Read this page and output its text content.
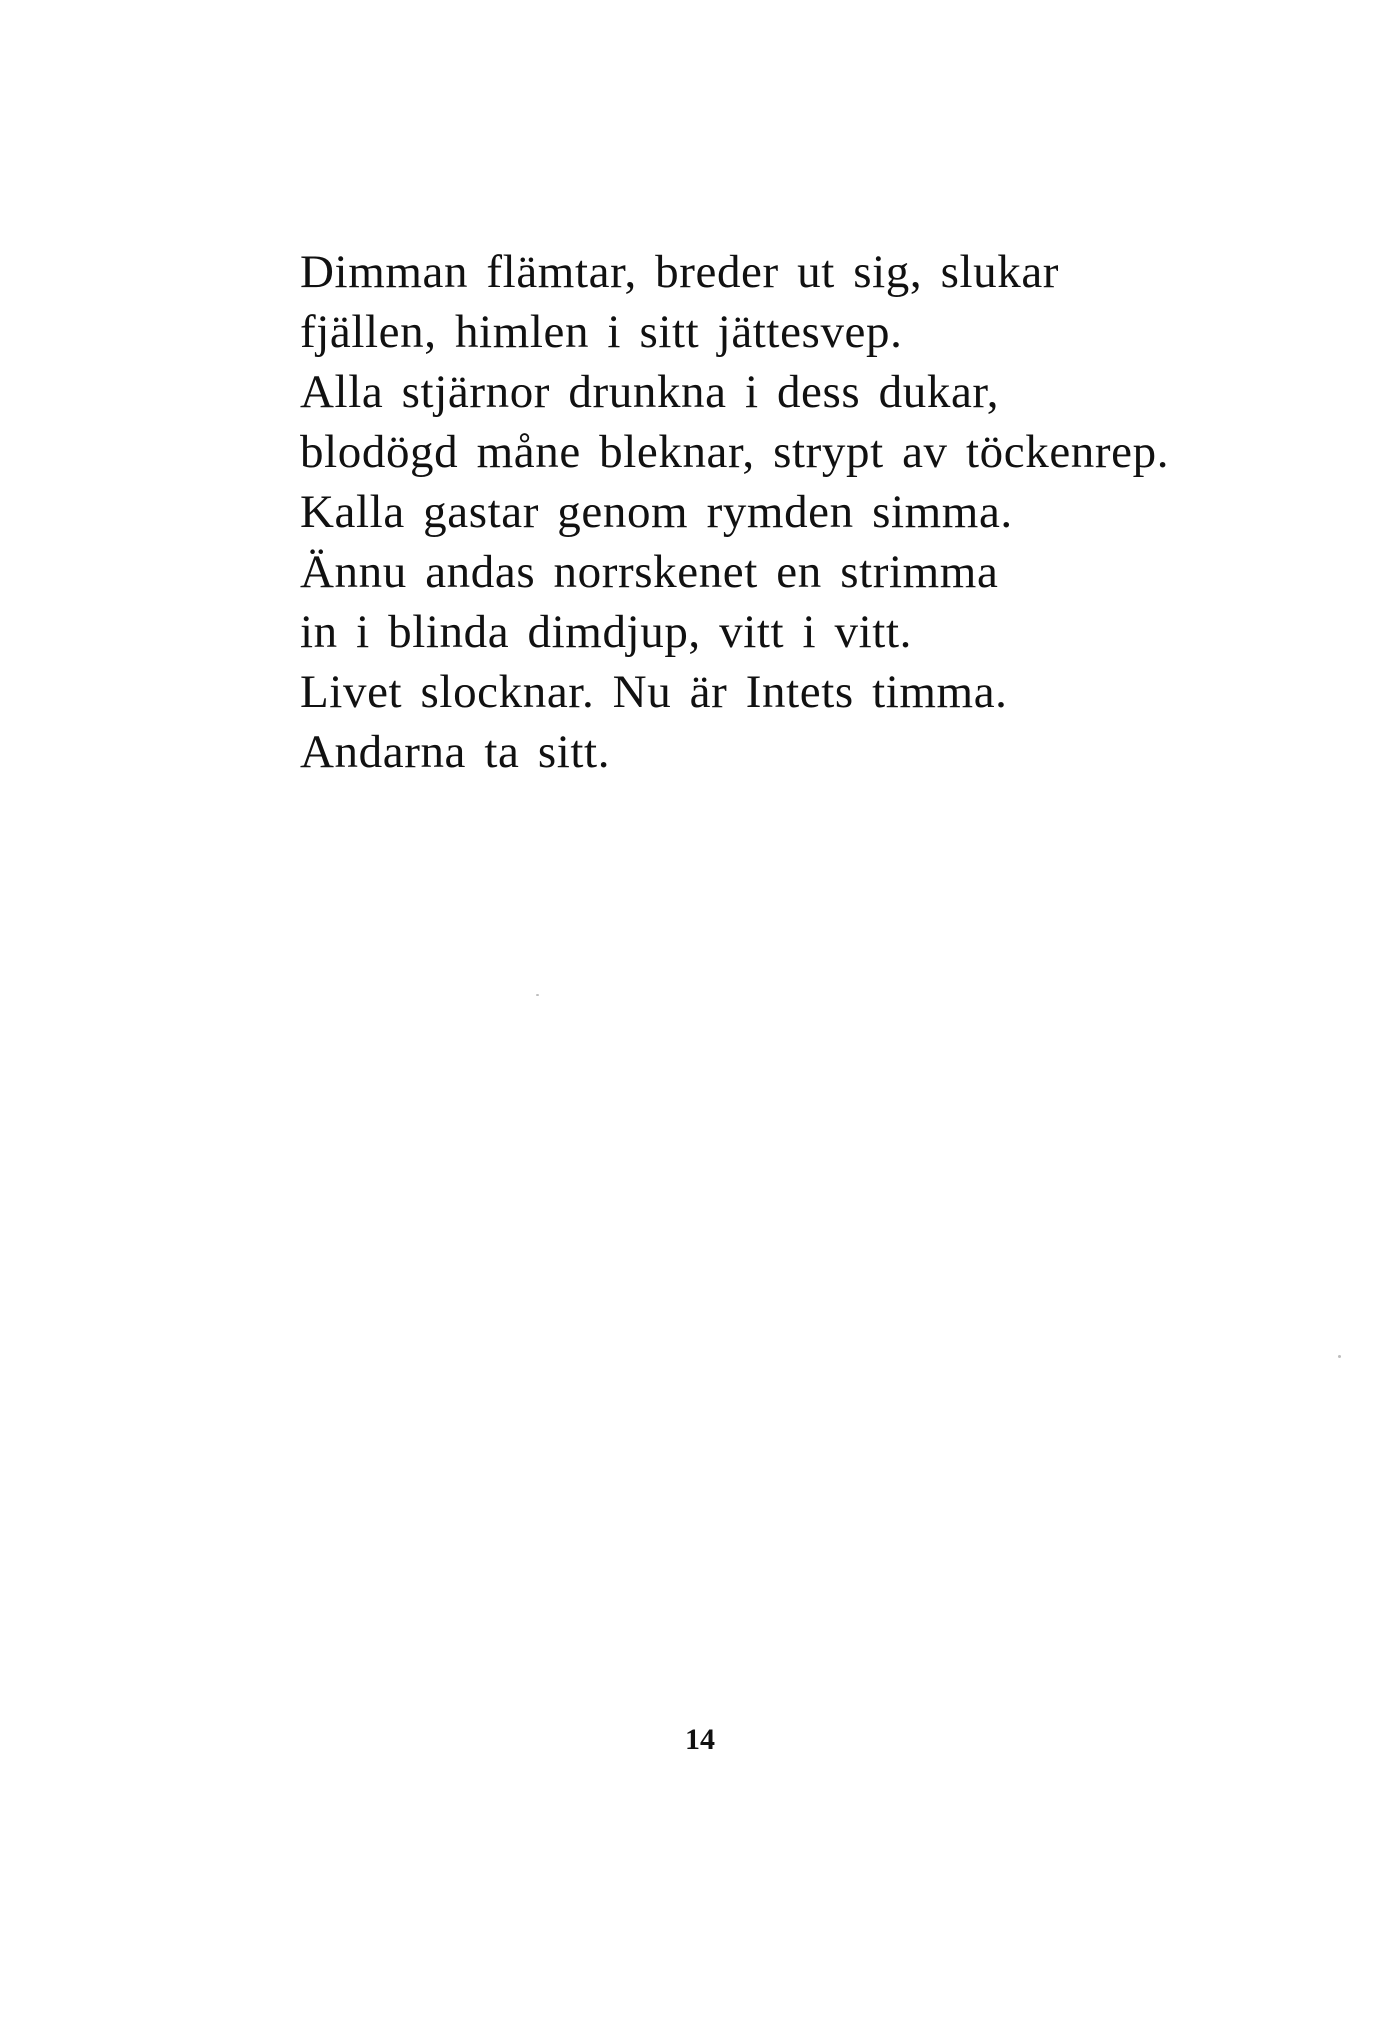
Dimman flämtar, breder ut sig, slukar
fjällen, himlen i sitt jättesvep.
Alla stjärnor drunkna i dess dukar,
blodögd måne bleknar, strypt av töckenrep.
Kalla gastar genom rymden simma.
Ännu andas norrskenet en strimma
in i blinda dimdjup, vitt i vitt.
Livet slocknar. Nu är Intets timma.
Andarna ta sitt.
14
